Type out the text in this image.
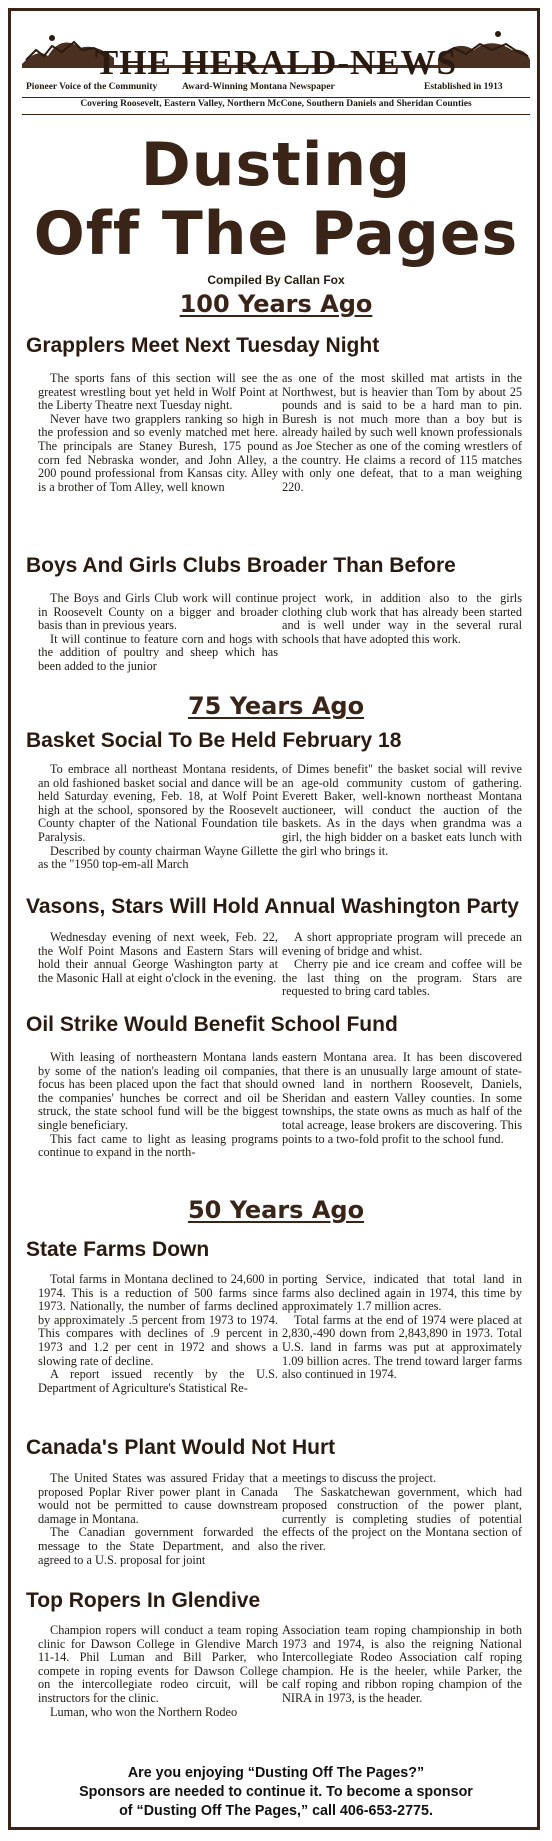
THE HERALD-NEWS
Pioneer Voice of the Community	Award-Winning Montana Newspaper	Established in 1913
Covering Roosevelt, Eastern Valley, Northern McCone, Southern Daniels and Sheridan Counties
Dusting
Off The Pages
Compiled By Callan Fox
100 Years Ago
Grapplers Meet Next Tuesday Night

The sports fans of this section will see the greatest wrestling bout yet held in Wolf Point at the Liberty Theatre next Tuesday night.

Never have two grapplers ranking so high in the profession and so evenly matched met here. The principals are Staney Buresh, 175 pound corn fed Nebraska wonder, and John Alley, a 200 pound professional from Kansas city. Alley is a brother of Tom Alley, well known

as one of the most skilled mat artists in the Northwest, but is heavier than Tom by about 25 pounds and is said to be a hard man to pin. Buresh is not much more than a boy but is already hailed by such well known professionals as Joe Stecher as one of the coming wrestlers of the country. He claims a record of 115 matches with only one defeat, that to a man weighing 220.

Boys And Girls Clubs Broader Than Before

The Boys and Girls Club work will continue in Roosevelt County on a bigger and broader basis than in previous years.

It will continue to feature corn and hogs with the addition of poultry and sheep which has been added to the junior

project work, in addition also to the girls clothing club work that has already been started and is well under way in the several rural schools that have adopted this work.

75 Years Ago
Basket Social To Be Held February 18

To embrace all northeast Montana residents, an old fashioned basket social and dance will be held Saturday evening, Feb. 18, at Wolf Point high at the school, sponsored by the Roosevelt County chapter of the National Foundation tile Paralysis.

Described by county chairman Wayne Gillette as the "1950 top-em-all March

of Dimes benefit" the basket social will revive an age-old community custom of gathering. Everett Baker, well-known northeast Montana auctioneer, will conduct the auction of the baskets. As in the days when grandma was a girl, the high bidder on a basket eats lunch with the girl who brings it.

Vasons, Stars Will Hold Annual Washington Party

Wednesday evening of next week, Feb. 22, the Wolf Point Masons and Eastern Stars will hold their annual George Washington party at the Masonic Hall at eight o'clock in the evening.

A short appropriate program will precede an evening of bridge and whist.

Cherry pie and ice cream and coffee will be the last thing on the program. Stars are requested to bring card tables.

Oil Strike Would Benefit School Fund

With leasing of northeastern Montana lands by some of the nation's leading oil companies, focus has been placed upon the fact that should the companies' hunches be correct and oil be struck, the state school fund will be the biggest single beneficiary.

This fact came to light as leasing programs continue to expand in the north-

eastern Montana area. It has been discovered that there is an unusually large amount of state-owned land in northern Roosevelt, Daniels, Sheridan and eastern Valley counties. In some townships, the state owns as much as half of the total acreage, lease brokers are discovering. This points to a two-fold profit to the school fund.

50 Years Ago
State Farms Down

Total farms in Montana declined to 24,600 in 1974. This is a reduction of 500 farms since 1973. Nationally, the number of farms declined by approximately .5 percent from 1973 to 1974. This compares with declines of .9 percent in 1973 and 1.2 per cent in 1972 and shows a slowing rate of decline.

A report issued recently by the U.S. Department of Agriculture's Statistical Re-

porting Service, indicated that total land in farms also declined again in 1974, this time by approximately 1.7 million acres.

Total farms at the end of 1974 were placed at 2,830,-490 down from 2,843,890 in 1973. Total U.S. land in farms was put at approximately 1.09 billion acres. The trend toward larger farms also continued in 1974.

Canada's Plant Would Not Hurt

The United States was assured Friday that a proposed Poplar River power plant in Canada would not be permitted to cause downstream damage in Montana.

The Canadian government forwarded the message to the State Department, and also agreed to a U.S. proposal for joint

meetings to discuss the project.

The Saskatchewan government, which had proposed construction of the power plant, currently is completing studies of potential effects of the project on the Montana section of the river.

Top Ropers In Glendive

Champion ropers will conduct a team roping clinic for Dawson College in Glendive March 11-14. Phil Luman and Bill Parker, who compete in roping events for Dawson College on the intercollegiate rodeo circuit, will be instructors for the clinic.

Luman, who won the Northern Rodeo

Association team roping championship in both 1973 and 1974, is also the reigning National Intercollegiate Rodeo Association calf roping champion. He is the heeler, while Parker, the calf roping and ribbon roping champion of the NIRA in 1973, is the header.

Are you enjoying “Dusting Off The Pages?”
Sponsors are needed to continue it. To become a sponsor
of “Dusting Off The Pages,” call 406-653-2775.
